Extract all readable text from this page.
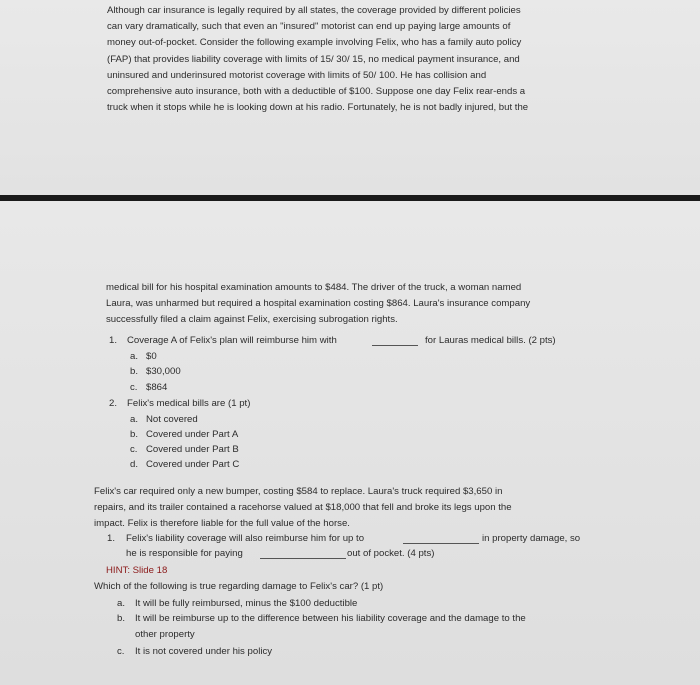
Although car insurance is legally required by all states, the coverage provided by different policies
can vary dramatically, such that even an "insured" motorist can end up paying large amounts of
money out-of-pocket. Consider the following example involving Felix, who has a family auto policy
(FAP) that provides liability coverage with limits of 15/ 30/ 15, no medical payment insurance, and
uninsured and underinsured motorist coverage with limits of 50/ 100. He has collision and
comprehensive auto insurance, both with a deductible of $100. Suppose one day Felix rear-ends a
truck when it stops while he is looking down at his radio. Fortunately, he is not badly injured, but the
medical bill for his hospital examination amounts to $484. The driver of the truck, a woman named
Laura, was unharmed but required a hospital examination costing $864. Laura's insurance company
successfully filed a claim against Felix, exercising subrogation rights.
1. Coverage A of Felix's plan will reimburse him with	for Lauras medical bills. (2 pts)
a. $0
b. $30,000
c. $864
2. Felix's medical bills are (1 pt)
a. Not covered
b. Covered under Part A
c. Covered under Part B
d. Covered under Part C
Felix's car required only a new bumper, costing $584 to replace. Laura's truck required $3,650 in
repairs, and its trailer contained a racehorse valued at $18,000 that fell and broke its legs upon the
impact. Felix is therefore liable for the full value of the horse.
1. Felix's liability coverage will also reimburse him for up to	in property damage, so
he is responsible for paying	out of pocket. (4 pts)
HINT: Slide 18
Which of the following is true regarding damage to Felix's car? (1 pt)
a. It will be fully reimbursed, minus the $100 deductible
b. It will be reimburse up to the difference between his liability coverage and the damage to the
other property
c. It is not covered under his policy
